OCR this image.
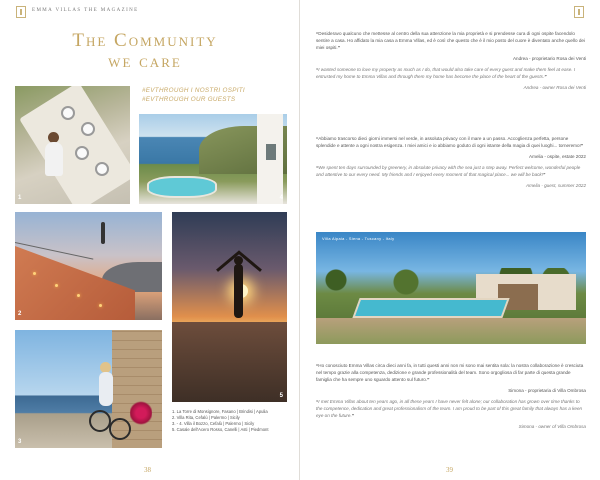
EMMA VILLAS THE MAGAZINE
The Community
we care
#EVTHROUGH I NOSTRI OSPITI
#EVTHROUGH OUR GUESTS
1	4
2
5
3
1. La Torre di Monsignore, Fasano | Brindisi | Apulia
2. Villa Rita, Cefalù | Palermo | Sicily
3. - 4. Villa il Bozzo, Cefalù | Palermo | Sicily
5. Casale dell'Acero Rosso, Canelli | Asti | Piedmont
38

“Desideravo qualcuno che mettesse al centro della sua attenzione la mia proprietà e si prendesse cura di ogni ospite facendolo sentire a casa. Ho affidato la mia casa a Emma Villas, ed è così che questo che è il mio posto del cuore è diventato anche quello dei miei ospiti.”

Andrea - proprietario Rosa dei Venti

“I wanted someone to love my property as much as I do, that would also take care of every guest and make them feel at ease. I entrusted my home to Emma Villas and through them my home has become the place of the heart of the guests.”

Andrea - owner Rosa dei Venti

“Abbiamo trascorso dieci giorni immersi nel verde, in assoluta privacy con il mare a un passo. Accoglienza perfetta, persone splendide e attente a ogni nostra esigenza. I miei amici e io abbiamo goduto di ogni istante della magia di quei luoghi... torneremo!”

Amelia - ospite, estate 2022

“We spent ten days surrounded by greenery, in absolute privacy with the sea just a step away. Perfect welcome, wonderful people and attentive to our every need. My friends and I enjoyed every moment of that magical place... we will be back!”

Amelia - guest, summer 2022

Villa Alpaia - Siena - Tuscany - Italy

“Ho conosciuto Emma Villas circa dieci anni fa, in tutti questi anni non mi sono mai sentita sola: la nostra collaborazione è cresciuta nel tempo grazie alla competenza, dedizione e grande professionalità del team. Sono orgogliosa di far parte di questa grande famiglia che ha sempre uno sguardo attento sul futuro.”

Simona - proprietaria di Villa Ombrosa

“I met Emma Villas about ten years ago, in all these years I have never felt alone; our collaboration has grown over time thanks to the competence, dedication and great professionalism of the team. I am proud to be part of this great family that always has a keen eye on the future.”

Simona - owner of Villa Ombrosa

39
